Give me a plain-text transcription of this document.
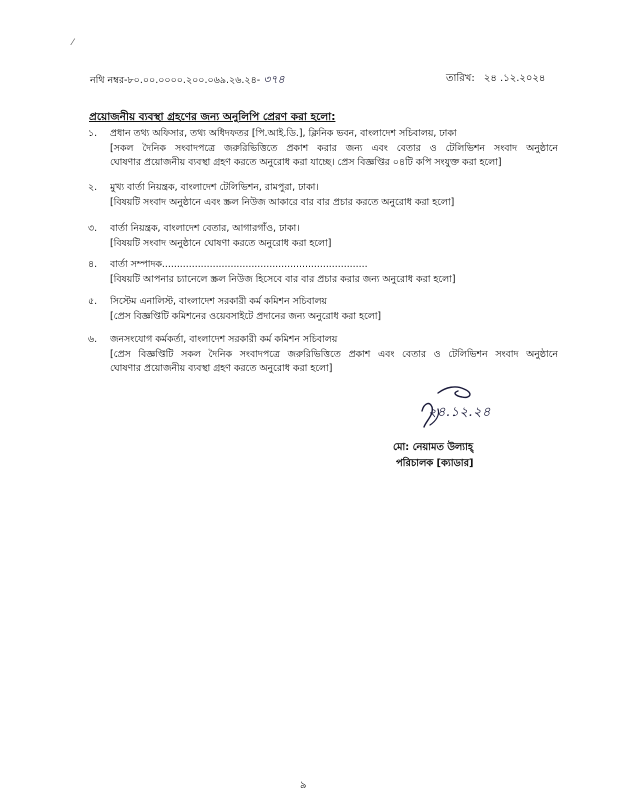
⁄
নথি নম্বর-৮০.০০.০০০০.২০০.০৬৯.২৬.২৪- ৩৭৪	তারিখ: ২৪ .১২.২০২৪
প্রয়োজনীয় ব্যবস্থা গ্রহণের জন্য অনুলিপি প্রেরণ করা হলো:
১.	প্রধান তথ্য অফিসার, তথ্য অধিদফতর [পি.আই.ডি.], ক্লিনিক ভবন, বাংলাদেশ সচিবালয়, ঢাকা
[সকল দৈনিক সংবাদপত্রে জরুরিভিত্তিতে প্রকাশ করার জন্য এবং বেতার ও টেলিভিশন সংবাদ অনুষ্ঠানে
ঘোষণার প্রয়োজনীয় ব্যবস্থা গ্রহণ করতে অনুরোধ করা যাচ্ছে। প্রেস বিজ্ঞপ্তির ০৪টি কপি সংযুক্ত করা হলো]
২.	মুখ্য বার্তা নিয়ন্ত্রক, বাংলাদেশ টেলিভিশন, রামপুরা, ঢাকা।
[বিষয়টি সংবাদ অনুষ্ঠানে এবং স্ক্রল নিউজ আকারে বার বার প্রচার করতে অনুরোধ করা হলো]
৩.	বার্তা নিয়ন্ত্রক, বাংলাদেশ বেতার, আগারগাঁও, ঢাকা।
[বিষয়টি সংবাদ অনুষ্ঠানে ঘোষণা করতে অনুরোধ করা হলো]
৪.	বার্তা সম্পাদক.....................................................................
[বিষয়টি আপনার চ্যানেলে স্ক্রল নিউজ হিসেবে বার বার প্রচার করার জন্য অনুরোধ করা হলো]
৫.	সিস্টেম এনালিস্ট, বাংলাদেশ সরকারী কর্ম কমিশন সচিবালয়
[প্রেস বিজ্ঞপ্তিটি কমিশনের ওয়েবসাইটে প্রদানের জন্য অনুরোধ করা হলো]
৬.	জনসংযোগ কর্মকর্তা, বাংলাদেশ সরকারী কর্ম কমিশন সচিবালয়
[প্রেস বিজ্ঞপ্তিটি সকল দৈনিক সংবাদপত্রে জরুরিভিত্তিতে প্রকাশ এবং বেতার ও টেলিভিশন সংবাদ অনুষ্ঠানে
ঘোষণার প্রয়োজনীয় ব্যবস্থা গ্রহণ করতে অনুরোধ করা হলো]
২৪.১২.২৪
মো: নেয়ামত উল্যাহ্
পরিচালক [ক্যাডার]
৯
